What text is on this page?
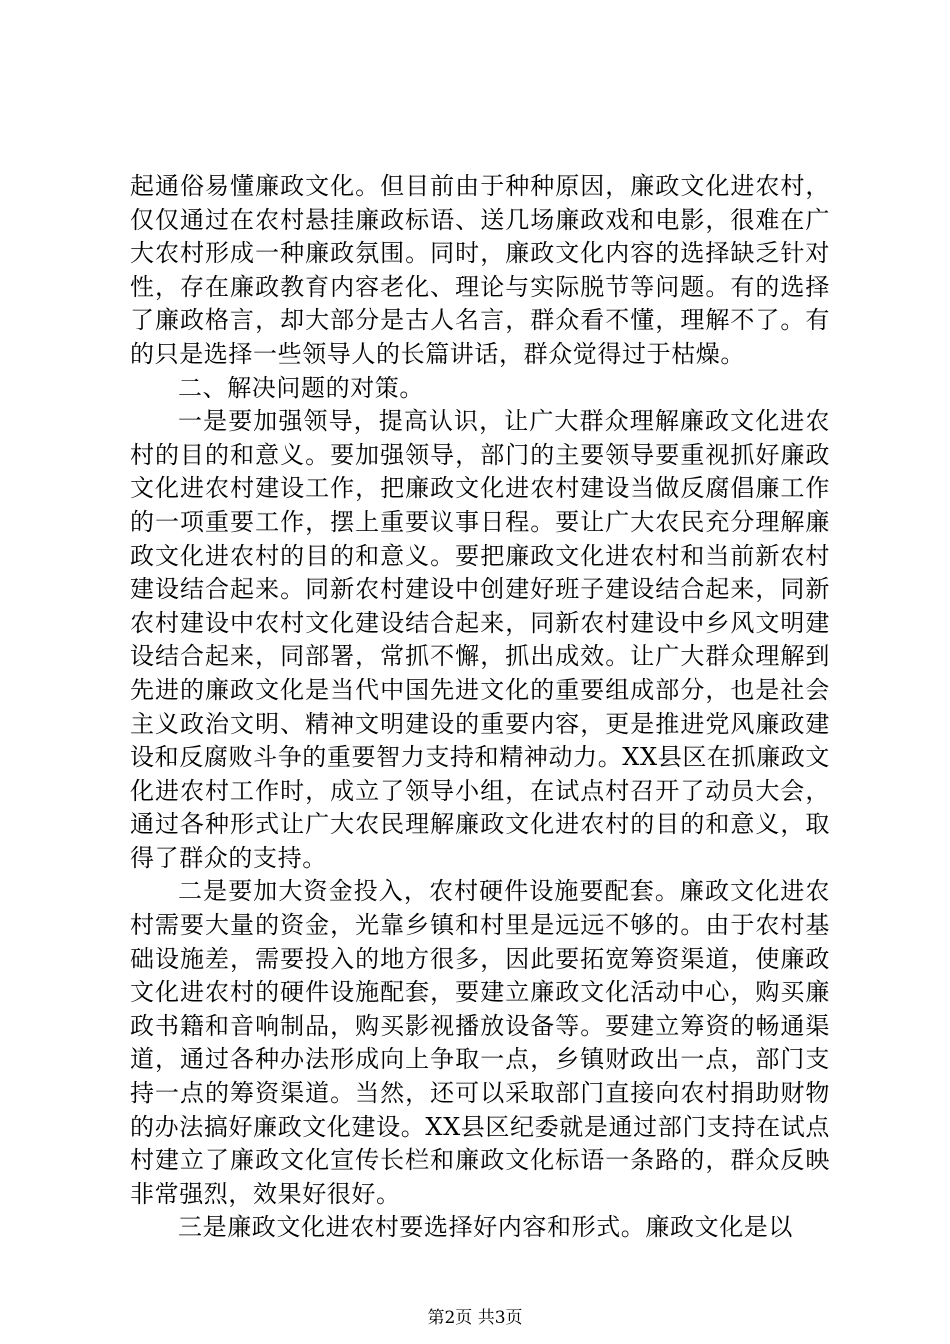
起通俗易懂廉政文化。但目前由于种种原因，廉政文化进农村，仅仅通过在农村悬挂廉政标语、送几场廉政戏和电影，很难在广大农村形成一种廉政氛围。同时，廉政文化内容的选择缺乏针对性，存在廉政教育内容老化、理论与实际脱节等问题。有的选择了廉政格言，却大部分是古人名言，群众看不懂，理解不了。有的只是选择一些领导人的长篇讲话，群众觉得过于枯燥。

二、解决问题的对策。

一是要加强领导，提高认识，让广大群众理解廉政文化进农村的目的和意义。要加强领导，部门的主要领导要重视抓好廉政文化进农村建设工作，把廉政文化进农村建设当做反腐倡廉工作的一项重要工作，摆上重要议事日程。要让广大农民充分理解廉政文化进农村的目的和意义。要把廉政文化进农村和当前新农村建设结合起来。同新农村建设中创建好班子建设结合起来，同新农村建设中农村文化建设结合起来，同新农村建设中乡风文明建设结合起来，同部署，常抓不懈，抓出成效。让广大群众理解到先进的廉政文化是当代中国先进文化的重要组成部分，也是社会主义政治文明、精神文明建设的重要内容，更是推进党风廉政建设和反腐败斗争的重要智力支持和精神动力。XX县区在抓廉政文化进农村工作时，成立了领导小组，在试点村召开了动员大会，通过各种形式让广大农民理解廉政文化进农村的目的和意义，取得了群众的支持。

二是要加大资金投入，农村硬件设施要配套。廉政文化进农村需要大量的资金，光靠乡镇和村里是远远不够的。由于农村基础设施差，需要投入的地方很多，因此要拓宽筹资渠道，使廉政文化进农村的硬件设施配套，要建立廉政文化活动中心，购买廉政书籍和音响制品，购买影视播放设备等。要建立筹资的畅通渠道，通过各种办法形成向上争取一点，乡镇财政出一点，部门支持一点的筹资渠道。当然，还可以采取部门直接向农村捐助财物的办法搞好廉政文化建设。XX县区纪委就是通过部门支持在试点村建立了廉政文化宣传长栏和廉政文化标语一条路的，群众反映非常强烈，效果好很好。

三是廉政文化进农村要选择好内容和形式。廉政文化是以

第2页 共3页
